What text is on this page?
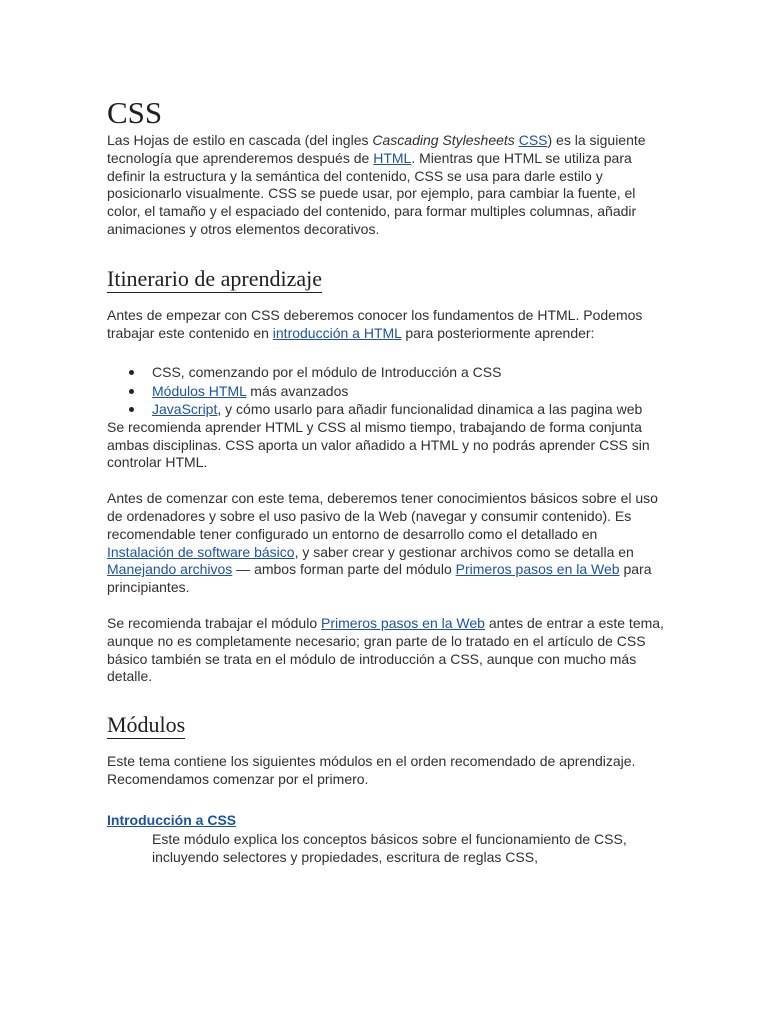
CSS

Las Hojas de estilo en cascada (del ingles Cascading Stylesheets CSS) es la siguiente tecnología que aprenderemos después de HTML. Mientras que HTML se utiliza para definir la estructura y la semántica del contenido, CSS se usa para darle estilo y posicionarlo visualmente. CSS se puede usar, por ejemplo, para cambiar la fuente, el color, el tamaño y el espaciado del contenido, para formar multiples columnas, añadir animaciones y otros elementos decorativos.

Itinerario de aprendizaje

Antes de empezar con CSS deberemos conocer los fundamentos de HTML. Podemos trabajar este contenido en introducción a HTML para posteriormente aprender:

CSS, comenzando por el módulo de Introducción a CSS
Módulos HTML más avanzados
JavaScript, y cómo usarlo para añadir funcionalidad dinamica a las pagina web

Se recomienda aprender HTML y CSS al mismo tiempo, trabajando de forma conjunta ambas disciplinas. CSS aporta un valor añadido a HTML y no podrás aprender CSS sin controlar HTML.

Antes de comenzar con este tema, deberemos tener conocimientos básicos sobre el uso de ordenadores y sobre el uso pasivo de la Web (navegar y consumir contenido). Es recomendable tener configurado un entorno de desarrollo como el detallado en Instalación de software básico, y saber crear y gestionar archivos como se detalla en Manejando archivos — ambos forman parte del módulo Primeros pasos en la Web para principiantes.

Se recomienda trabajar el módulo Primeros pasos en la Web antes de entrar a este tema, aunque no es completamente necesario; gran parte de lo tratado en el artículo de CSS básico también se trata en el módulo de introducción a CSS, aunque con mucho más detalle.

Módulos

Este tema contiene los siguientes módulos en el orden recomendado de aprendizaje. Recomendamos comenzar por el primero.

Introducción a CSS
Este módulo explica los conceptos básicos sobre el funcionamiento de CSS, incluyendo selectores y propiedades, escritura de reglas CSS,
